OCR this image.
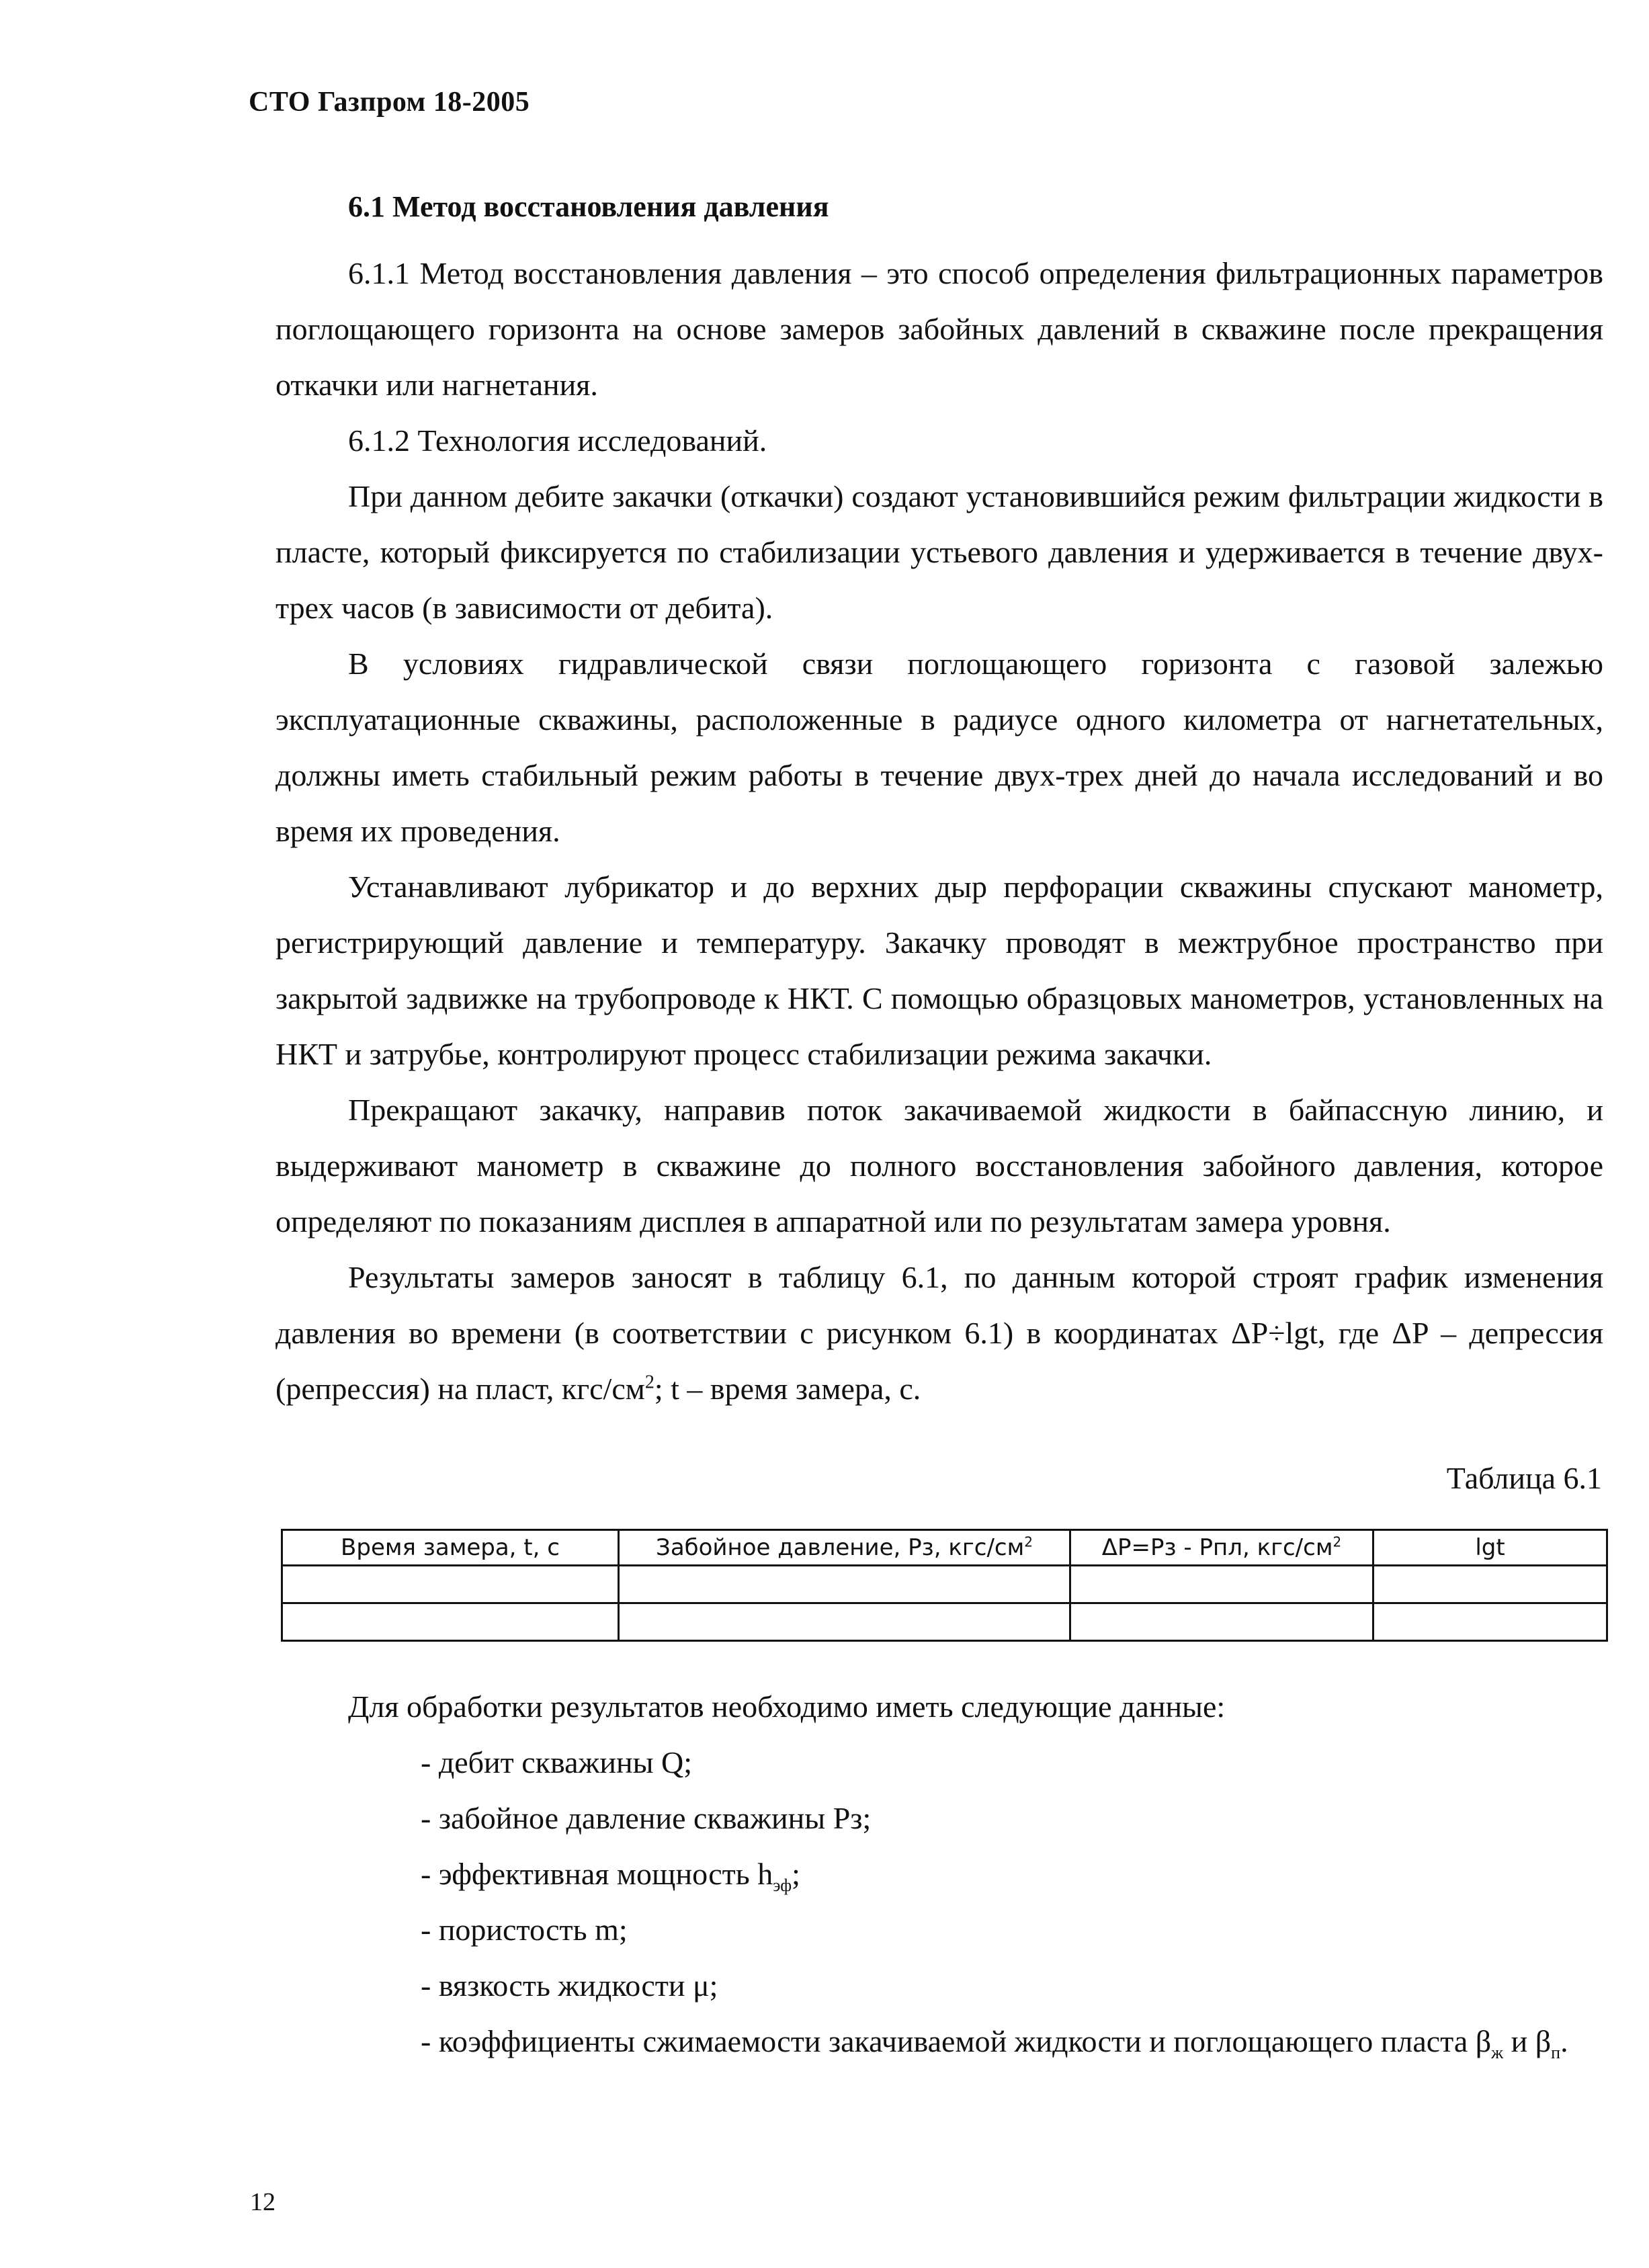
СТО Газпром 18-2005
6.1 Метод восстановления давления

6.1.1 Метод восстановления давления – это способ определения фильтрационных параметров поглощающего горизонта на основе замеров забойных давлений в скважине после прекращения откачки или нагнетания.

6.1.2 Технология исследований.

При данном дебите закачки (откачки) создают установившийся режим фильтрации жидкости в пласте, который фиксируется по стабилизации устьевого давления и удерживается в течение двух-трех часов (в зависимости от дебита).

В условиях гидравлической связи поглощающего горизонта с газовой залежью эксплуатационные скважины, расположенные в радиусе одного километра от нагнетательных, должны иметь стабильный режим работы в течение двух-трех дней до начала исследований и во время их проведения.

Устанавливают лубрикатор и до верхних дыр перфорации скважины спускают манометр, регистрирующий давление и температуру. Закачку проводят в межтрубное пространство при закрытой задвижке на трубопроводе к НКТ. С помощью образцовых манометров, установленных на НКТ и затрубье, контролируют процесс стабилизации режима закачки.

Прекращают закачку, направив поток закачиваемой жидкости в байпассную линию, и выдерживают манометр в скважине до полного восстановления забойного давления, которое определяют по показаниям дисплея в аппаратной или по результатам замера уровня.

Результаты замеров заносят в таблицу 6.1, по данным которой строят график изменения давления во времени (в соответствии с рисунком 6.1) в координатах ΔP÷lgt, где ΔP – депрессия (репрессия) на пласт, кгс/$см^2$; t – время замера, с.

Таблица 6.1
Время замера, t, с	Забойное давление, Рз, кгс/$см^2$	ΔР=Рз - Рпл, кгс/$см^2$	lgt

Для обработки результатов необходимо иметь следующие данные:

- дебит скважины Q;

- забойное давление скважины Рз;

- эффективная мощность $h_{эф}$;

- пористость m;

- вязкость жидкости μ;

- коэффициенты сжимаемости закачиваемой жидкости и поглощающего пласта $\beta_ж$ и $\beta_п$.

12
